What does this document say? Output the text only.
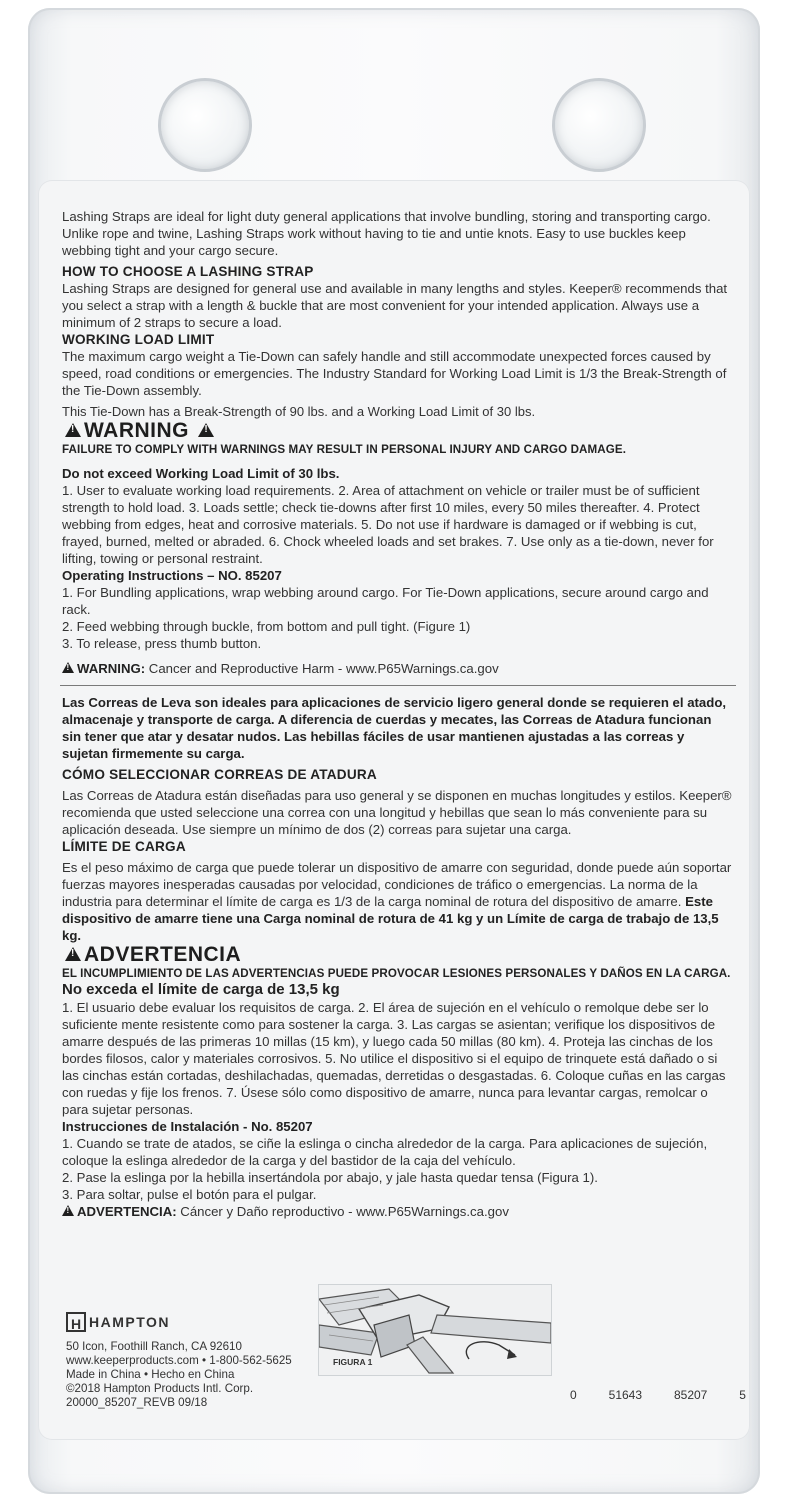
Lashing Straps are ideal for light duty general applications that involve bundling, storing and transporting cargo. Unlike rope and twine, Lashing Straps work without having to tie and untie knots. Easy to use buckles keep webbing tight and your cargo secure.

HOW TO CHOOSE A LASHING STRAP

Lashing Straps are designed for general use and available in many lengths and styles. Keeper® recommends that you select a strap with a length & buckle that are most convenient for your intended application. Always use a minimum of 2 straps to secure a load.

WORKING LOAD LIMIT

The maximum cargo weight a Tie-Down can safely handle and still accommodate unexpected forces caused by speed, road conditions or emergencies. The Industry Standard for Working Load Limit is 1/3 the Break-Strength of the Tie-Down assembly.

This Tie-Down has a Break-Strength of 90 lbs. and a Working Load Limit of 30 lbs.

!WARNING !

FAILURE TO COMPLY WITH WARNINGS MAY RESULT IN PERSONAL INJURY AND CARGO DAMAGE.

Do not exceed Working Load Limit of 30 lbs.

1. User to evaluate working load requirements. 2. Area of attachment on vehicle or trailer must be of sufficient strength to hold load. 3. Loads settle; check tie-downs after first 10 miles, every 50 miles thereafter. 4. Protect webbing from edges, heat and corrosive materials. 5. Do not use if hardware is damaged or if webbing is cut, frayed, burned, melted or abraded. 6. Chock wheeled loads and set brakes. 7. Use only as a tie-down, never for lifting, towing or personal restraint.

Operating Instructions – NO. 85207

1. For Bundling applications, wrap webbing around cargo. For Tie-Down applications, secure around cargo and rack.

2. Feed webbing through buckle, from bottom and pull tight. (Figure 1)

3. To release, press thumb button.

!WARNING: Cancer and Reproductive Harm - www.P65Warnings.ca.gov

Las Correas de Leva son ideales para aplicaciones de servicio ligero general donde se requieren el atado, almacenaje y transporte de carga. A diferencia de cuerdas y mecates, las Correas de Atadura funcionan sin tener que atar y desatar nudos. Las hebillas fáciles de usar mantienen ajustadas a las correas y sujetan firmemente su carga.

CÓMO SELECCIONAR CORREAS DE ATADURA

Las Correas de Atadura están diseñadas para uso general y se disponen en muchas longitudes y estilos. Keeper® recomienda que usted seleccione una correa con una longitud y hebillas que sean lo más conveniente para su aplicación deseada. Use siempre un mínimo de dos (2) correas para sujetar una carga.

LÍMITE DE CARGA

Es el peso máximo de carga que puede tolerar un dispositivo de amarre con seguridad, donde puede aún soportar fuerzas mayores inesperadas causadas por velocidad, condiciones de tráfico o emergencias. La norma de la industria para determinar el límite de carga es 1/3 de la carga nominal de rotura del dispositivo de amarre. Este dispositivo de amarre tiene una Carga nominal de rotura de 41 kg y un Límite de carga de trabajo de 13,5 kg.

!ADVERTENCIA

EL INCUMPLIMIENTO DE LAS ADVERTENCIAS PUEDE PROVOCAR LESIONES PERSONALES Y DAÑOS EN LA CARGA.

No exceda el límite de carga de 13,5 kg

1. El usuario debe evaluar los requisitos de carga. 2. El área de sujeción en el vehículo o remolque debe ser lo suficiente mente resistente como para sostener la carga. 3. Las cargas se asientan; verifique los dispositivos de amarre después de las primeras 10 millas (15 km), y luego cada 50 millas (80 km). 4. Proteja las cinchas de los bordes filosos, calor y materiales corrosivos. 5. No utilice el dispositivo si el equipo de trinquete está dañado o si las cinchas están cortadas, deshilachadas, quemadas, derretidas o desgastadas. 6. Coloque cuñas en las cargas con ruedas y fije los frenos. 7. Úsese sólo como dispositivo de amarre, nunca para levantar cargas, remolcar o para sujetar personas.

Instrucciones de Instalación - No. 85207

1. Cuando se trate de atados, se ciñe la eslinga o cincha alrededor de la carga. Para aplicaciones de sujeción, coloque la eslinga alrededor de la carga y del bastidor de la caja del vehículo.

2. Pase la eslinga por la hebilla insertándola por abajo, y jale hasta quedar tensa (Figura 1).

3. Para soltar, pulse el botón para el pulgar.

!ADVERTENCIA: Cáncer y Daño reproductivo - www.P65Warnings.ca.gov

H HAMPTON
50 Icon, Foothill Ranch, CA 92610
www.keeperproducts.com • 1-800-562-5625
Made in China • Hecho en China
©2018 Hampton Products Intl. Corp.
20000_85207_REVB 09/18
FIGURA 1
0	51643	85207	5
